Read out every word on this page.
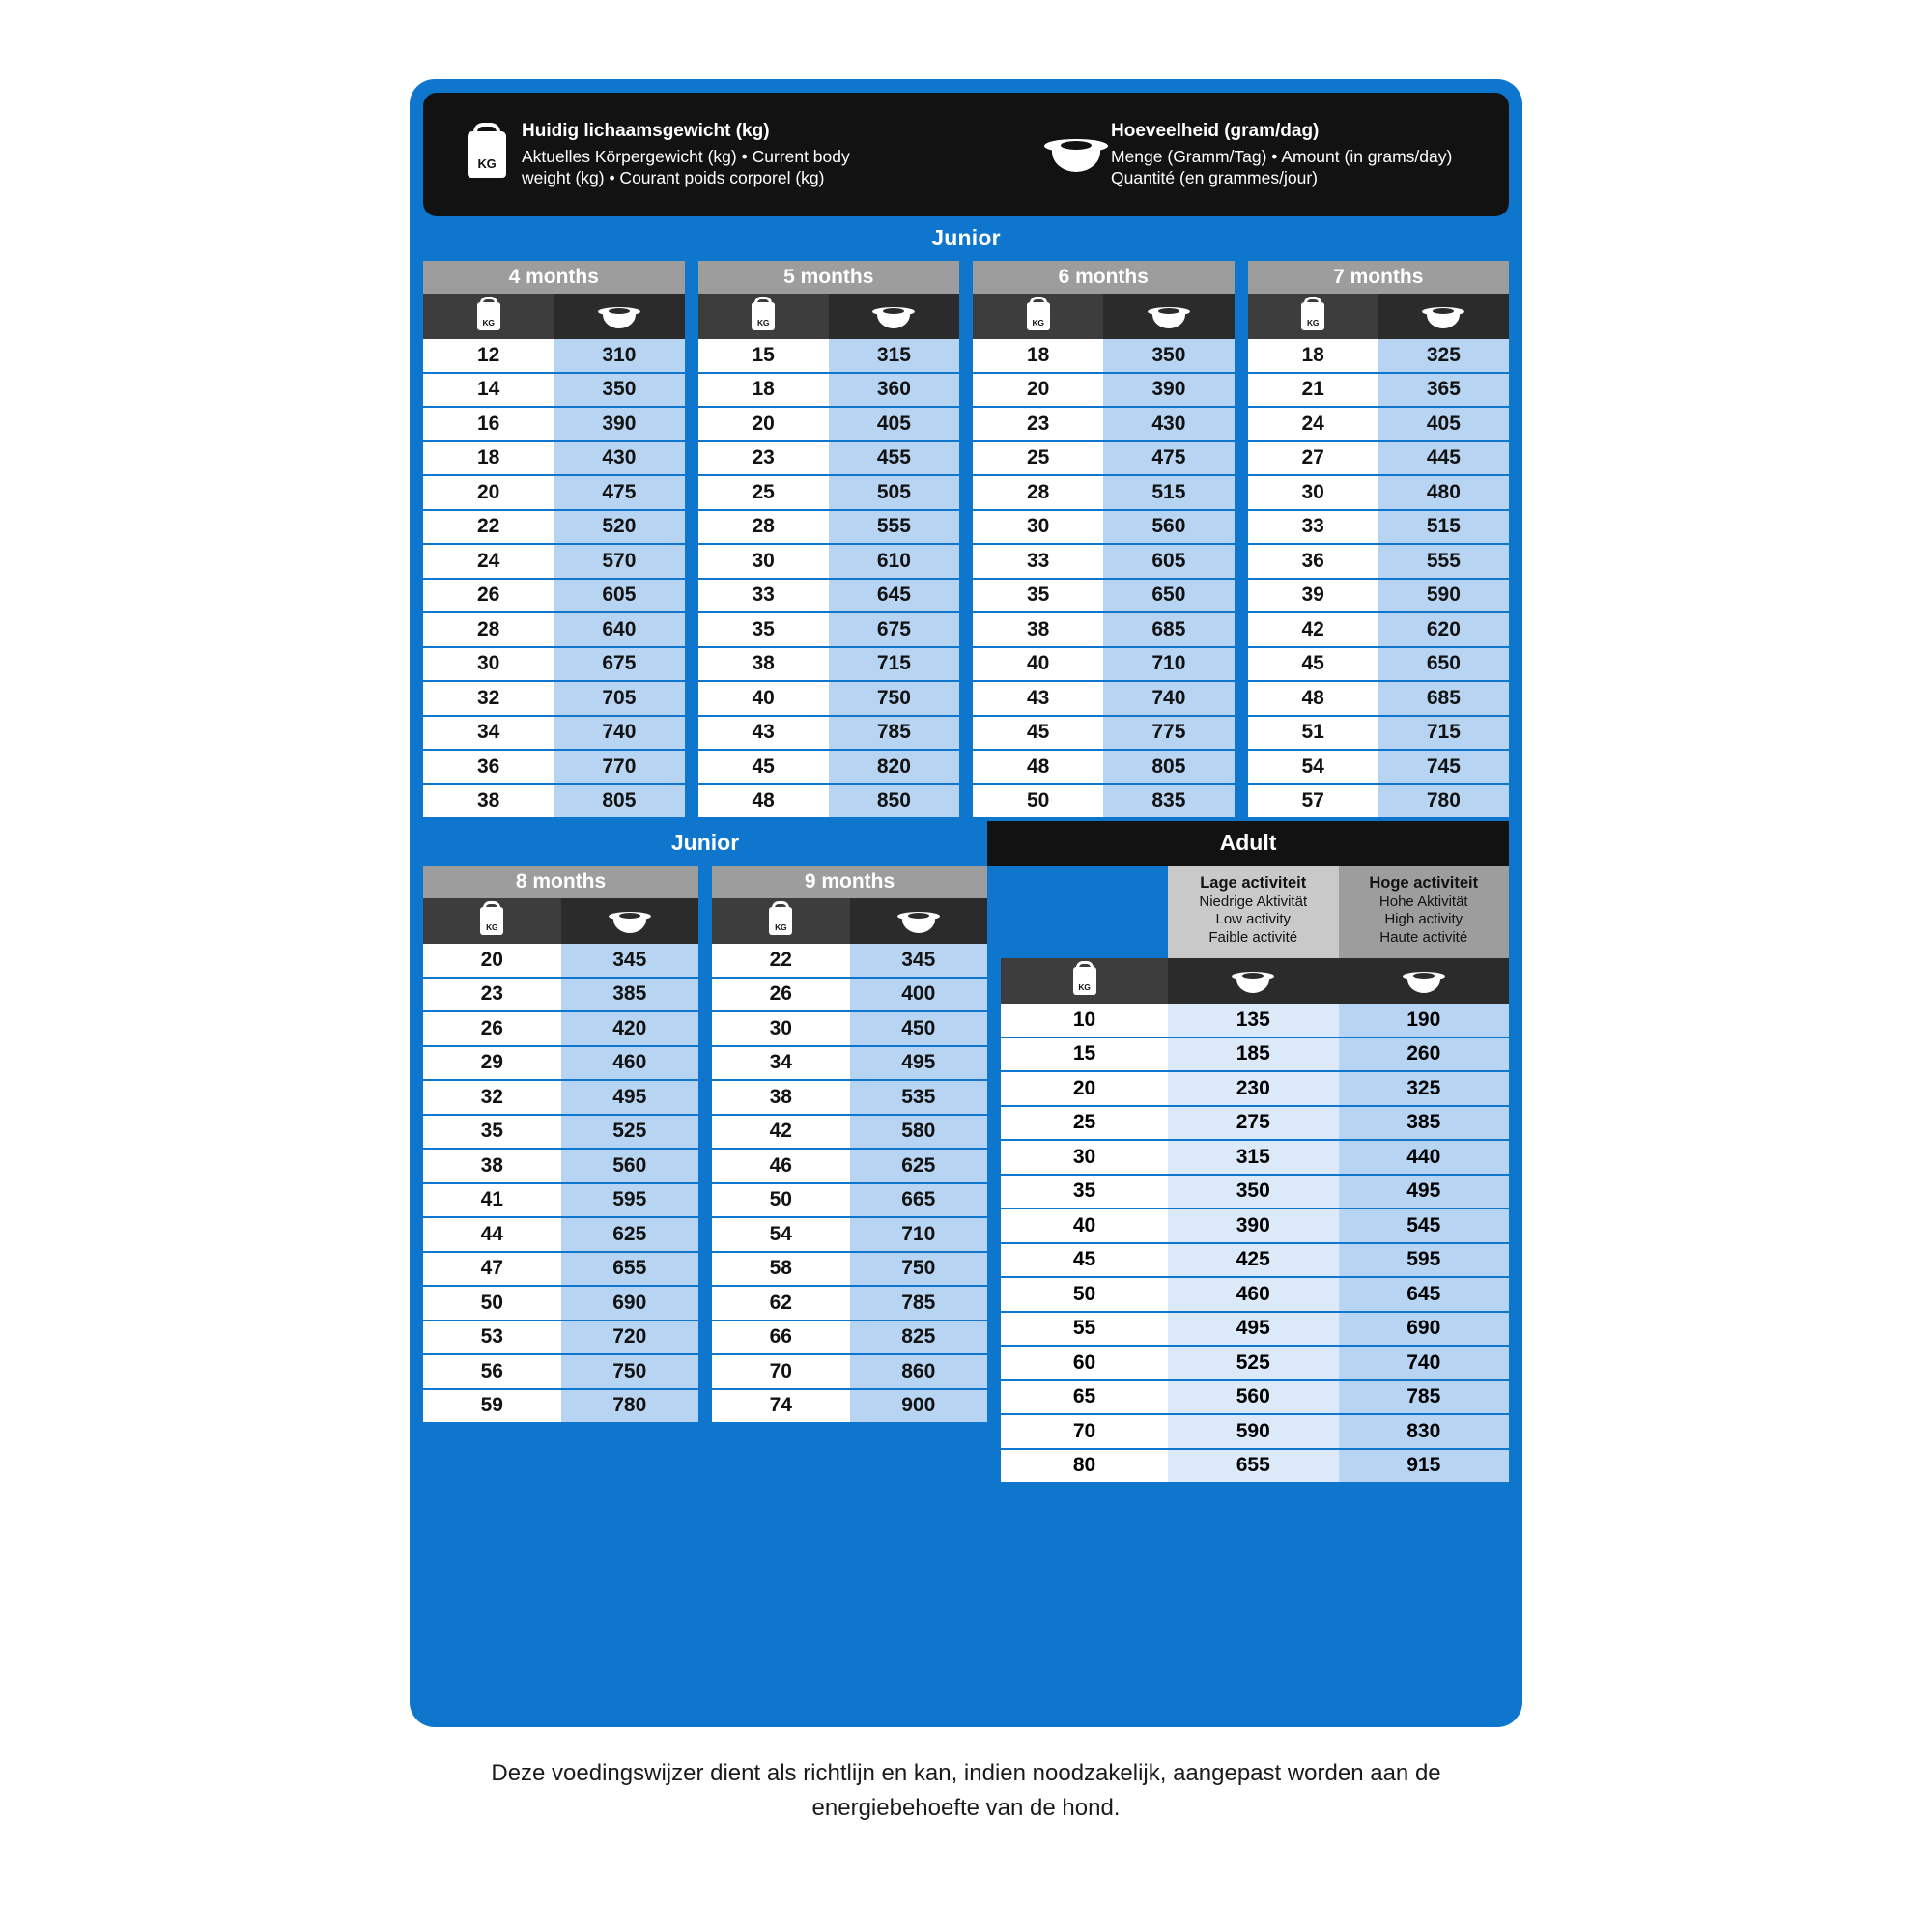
KG
Huidig lichaamsgewicht (kg)
Aktuelles Körpergewicht (kg) • Current body
weight (kg) • Courant poids corporel (kg)
Hoeveelheid (gram/dag)
Menge (Gramm/Tag) • Amount (in grams/day)
Quantité (en grammes/jour)
Junior
4 months
KG
12	310
14	350
16	390
18	430
20	475
22	520
24	570
26	605
28	640
30	675
32	705
34	740
36	770
38	805
5 months
KG
15	315
18	360
20	405
23	455
25	505
28	555
30	610
33	645
35	675
38	715
40	750
43	785
45	820
48	850
6 months
KG
18	350
20	390
23	430
25	475
28	515
30	560
33	605
35	650
38	685
40	710
43	740
45	775
48	805
50	835
7 months
KG
18	325
21	365
24	405
27	445
30	480
33	515
36	555
39	590
42	620
45	650
48	685
51	715
54	745
57	780
Junior	Adult
8 months
KG
20	345
23	385
26	420
29	460
32	495
35	525
38	560
41	595
44	625
47	655
50	690
53	720
56	750
59	780
9 months
KG
22	345
26	400
30	450
34	495
38	535
42	580
46	625
50	665
54	710
58	750
62	785
66	825
70	860
74	900
Lage activiteit
Niedrige Aktivität
Low activity
Faible activité
Hoge activiteit
Hohe Aktivität
High activity
Haute activité
KG
10	135	190
15	185	260
20	230	325
25	275	385
30	315	440
35	350	495
40	390	545
45	425	595
50	460	645
55	495	690
60	525	740
65	560	785
70	590	830
80	655	915
Deze voedingswijzer dient als richtlijn en kan, indien noodzakelijk, aangepast worden aan de
energiebehoefte van de hond.
